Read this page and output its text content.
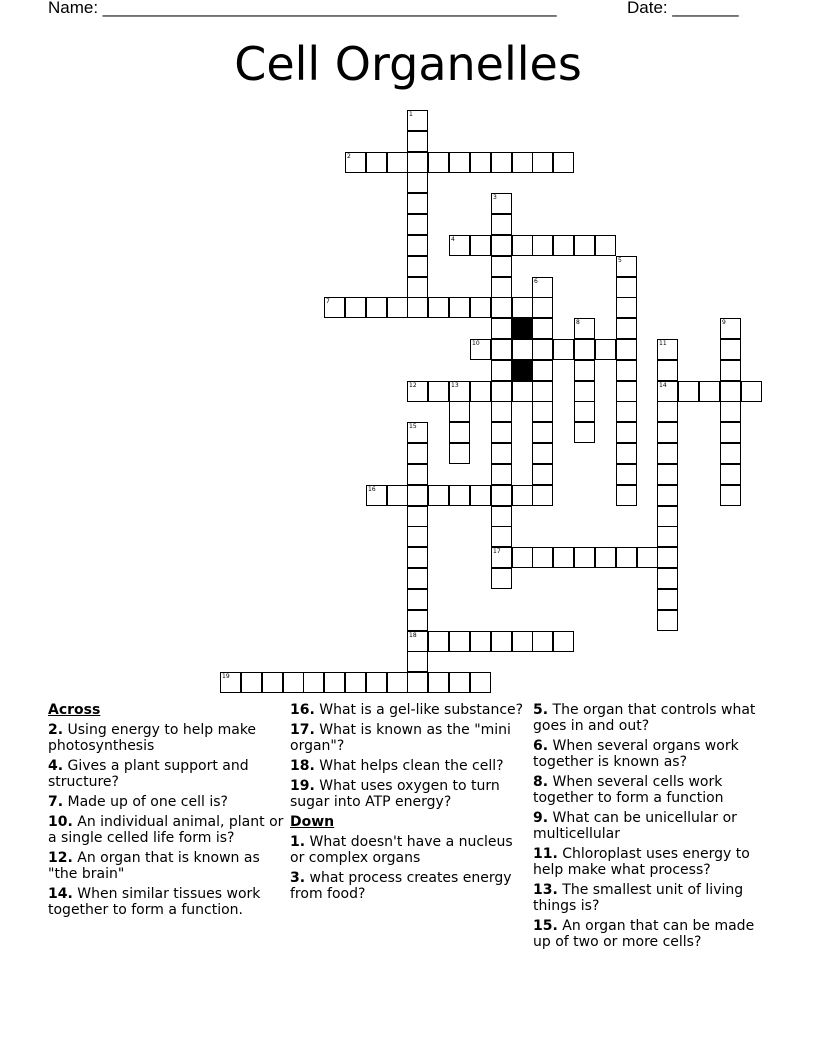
Name: ________________________________________________	Date: _______
Cell Organelles
1
2
3
4
5
6
7
8	9
10	11
12	13	14
15
16
17
18
19
Across
2. Using energy to help make photosynthesis
4. Gives a plant support and structure?
7. Made up of one cell is?
10. An individual animal, plant or a single celled life form is?
12. An organ that is known as "the brain"
14. When similar tissues work together to form a function.
16. What is a gel-like substance?
17. What is known as the "mini organ"?
18. What helps clean the cell?
19. What uses oxygen to turn sugar into ATP energy?
Down
1. What doesn't have a nucleus or complex organs
3. what process creates energy from food?
5. The organ that controls what goes in and out?
6. When several organs work together is known as?
8. When several cells work together to form a function
9. What can be unicellular or multicellular
11. Chloroplast uses energy to help make what process?
13. The smallest unit of living things is?
15. An organ that can be made up of two or more cells?
